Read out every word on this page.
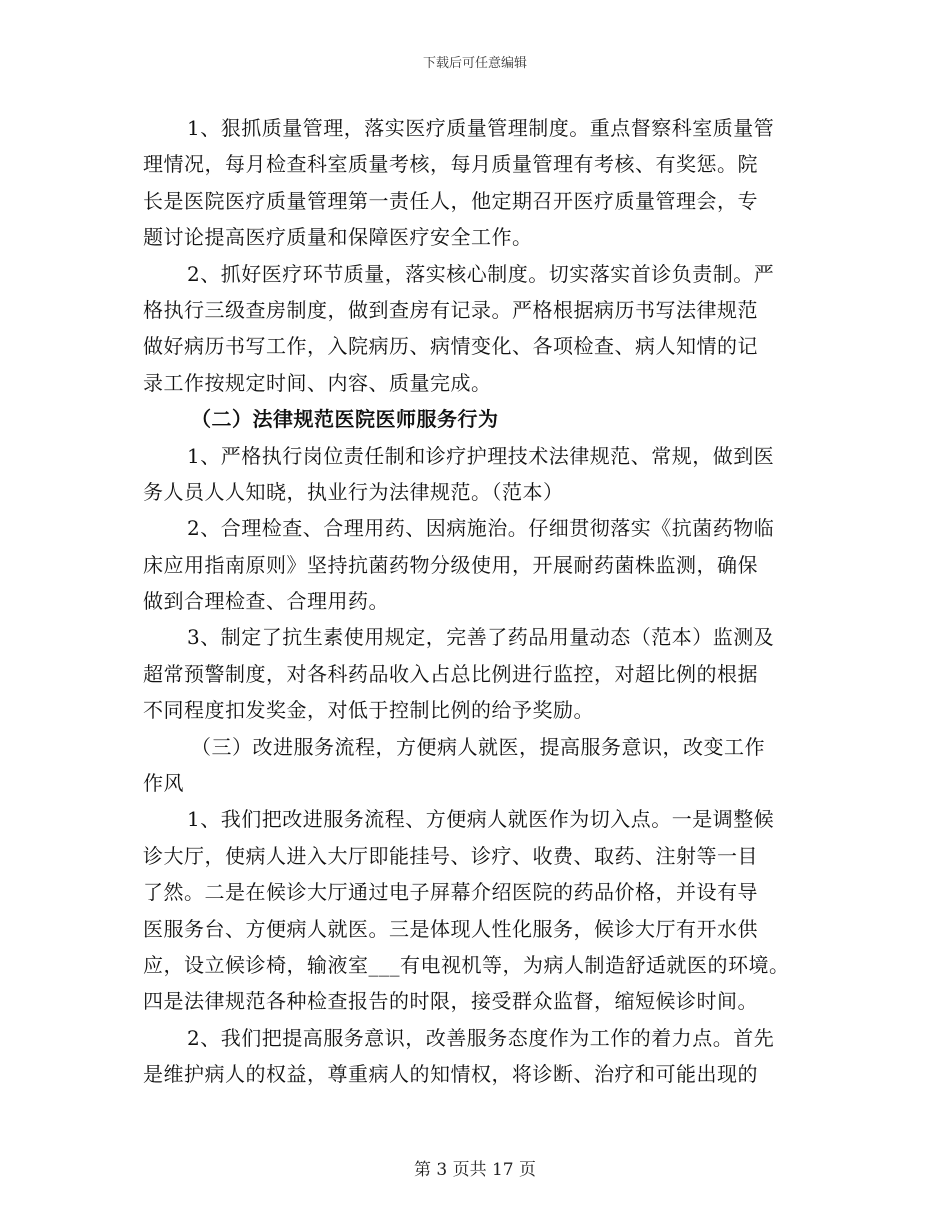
下载后可任意编辑
1、狠抓质量管理，落实医疗质量管理制度。重点督察科室质量管
理情况，每月检查科室质量考核，每月质量管理有考核、有奖惩。院
长是医院医疗质量管理第一责任人，他定期召开医疗质量管理会，专
题讨论提高医疗质量和保障医疗安全工作。
2、抓好医疗环节质量，落实核心制度。切实落实首诊负责制。严
格执行三级查房制度，做到查房有记录。严格根据病历书写法律规范
做好病历书写工作，入院病历、病情变化、各项检查、病人知情的记
录工作按规定时间、内容、质量完成。
（二）法律规范医院医师服务行为
1、严格执行岗位责任制和诊疗护理技术法律规范、常规，做到医
务人员人人知晓，执业行为法律规范。（范本）
2、合理检查、合理用药、因病施治。仔细贯彻落实《抗菌药物临
床应用指南原则》坚持抗菌药物分级使用，开展耐药菌株监测，确保
做到合理检查、合理用药。
3、制定了抗生素使用规定，完善了药品用量动态（范本）监测及
超常预警制度，对各科药品收入占总比例进行监控，对超比例的根据
不同程度扣发奖金，对低于控制比例的给予奖励。
（三）改进服务流程，方便病人就医，提高服务意识，改变工作
作风
1、我们把改进服务流程、方便病人就医作为切入点。一是调整候
诊大厅，使病人进入大厅即能挂号、诊疗、收费、取药、注射等一目
了然。二是在候诊大厅通过电子屏幕介绍医院的药品价格，并设有导
医服务台、方便病人就医。三是体现人性化服务，候诊大厅有开水供
应，设立候诊椅，输液室___有电视机等，为病人制造舒适就医的环境。
四是法律规范各种检查报告的时限，接受群众监督，缩短候诊时间。
2、我们把提高服务意识，改善服务态度作为工作的着力点。首先
是维护病人的权益，尊重病人的知情权，将诊断、治疗和可能出现的
第 3 页共 17 页
